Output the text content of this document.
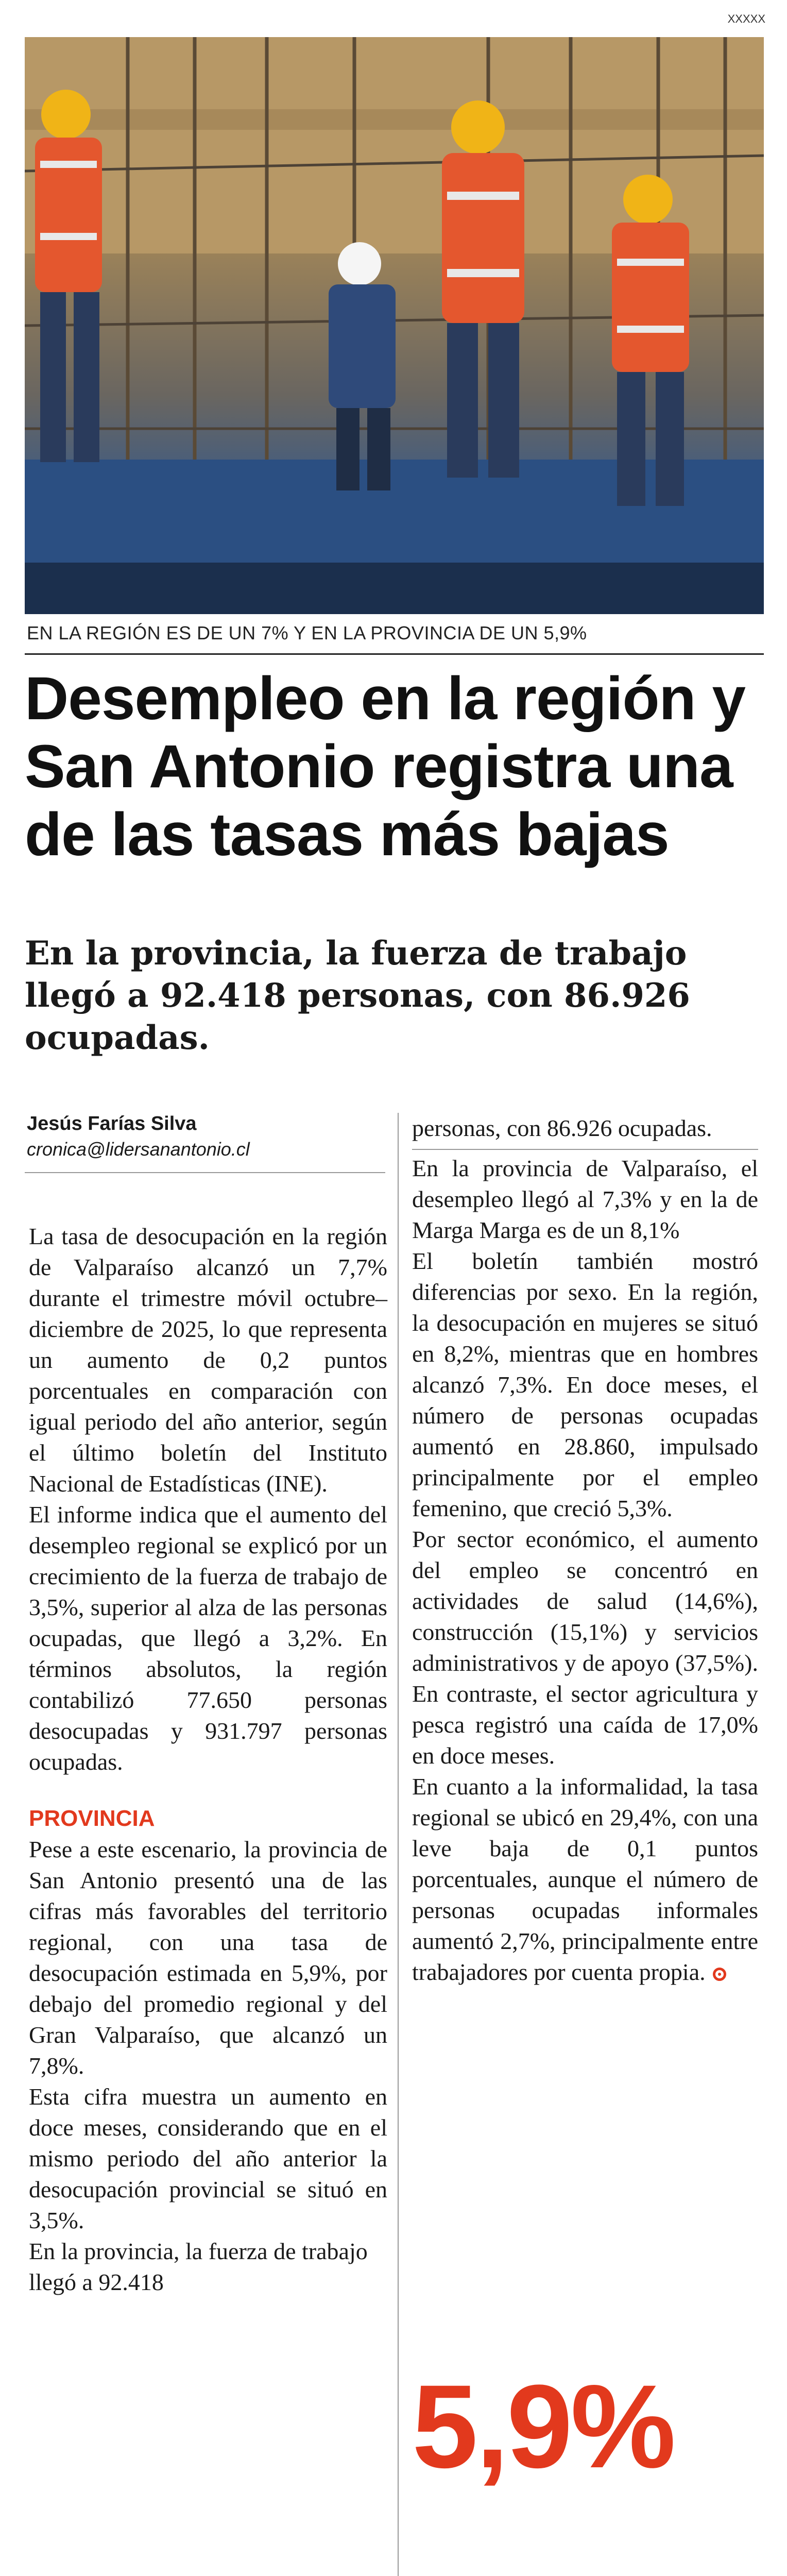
XXXXX
EN LA REGIÓN ES DE UN 7% Y EN LA PROVINCIA DE UN 5,9%
Desempleo en la región y San Antonio registra una de las tasas más bajas
En la provincia, la fuerza de trabajo llegó a 92.418 personas, con 86.926 ocupadas.
Jesús Farías Silva
cronica@lidersanantonio.cl

La tasa de desocupación en la región de Valparaíso alcanzó un 7,7% durante el trimestre móvil octubre–diciembre de 2025, lo que representa un aumento de 0,2 puntos porcentuales en comparación con igual periodo del año anterior, según el último boletín del Instituto Nacional de Estadísticas (INE).

El informe indica que el aumento del desempleo regional se explicó por un crecimiento de la fuerza de trabajo de 3,5%, superior al alza de las personas ocupadas, que llegó a 3,2%. En términos absolutos, la región contabilizó 77.650 personas desocupadas y 931.797 personas ocupadas.

PROVINCIA

Pese a este escenario, la provincia de San Antonio presentó una de las cifras más favorables del territorio regional, con una tasa de desocupación estimada en 5,9%, por debajo del promedio regional y del Gran Valparaíso, que alcanzó un 7,8%.

Esta cifra muestra un aumento en doce meses, considerando que en el mismo periodo del año anterior la desocupación provincial se situó en 3,5%.

En la provincia, la fuerza de trabajo llegó a 92.418

personas, con 86.926 ocupadas.

En la provincia de Valparaíso, el desempleo llegó al 7,3% y en la de Marga Marga es de un 8,1%

El boletín también mostró diferencias por sexo. En la región, la desocupación en mujeres se situó en 8,2%, mientras que en hombres alcanzó 7,3%. En doce meses, el número de personas ocupadas aumentó en 28.860, impulsado principalmente por el empleo femenino, que creció 5,3%.

Por sector económico, el aumento del empleo se concentró en actividades de salud (14,6%), construcción (15,1%) y servicios administrativos y de apoyo (37,5%). En contraste, el sector agricultura y pesca registró una caída de 17,0% en doce meses.

En cuanto a la informalidad, la tasa regional se ubicó en 29,4%, con una leve baja de 0,1 puntos porcentuales, aunque el número de personas ocupadas informales aumentó 2,7%, principalmente entre trabajadores por cuenta propia.

5,9%
